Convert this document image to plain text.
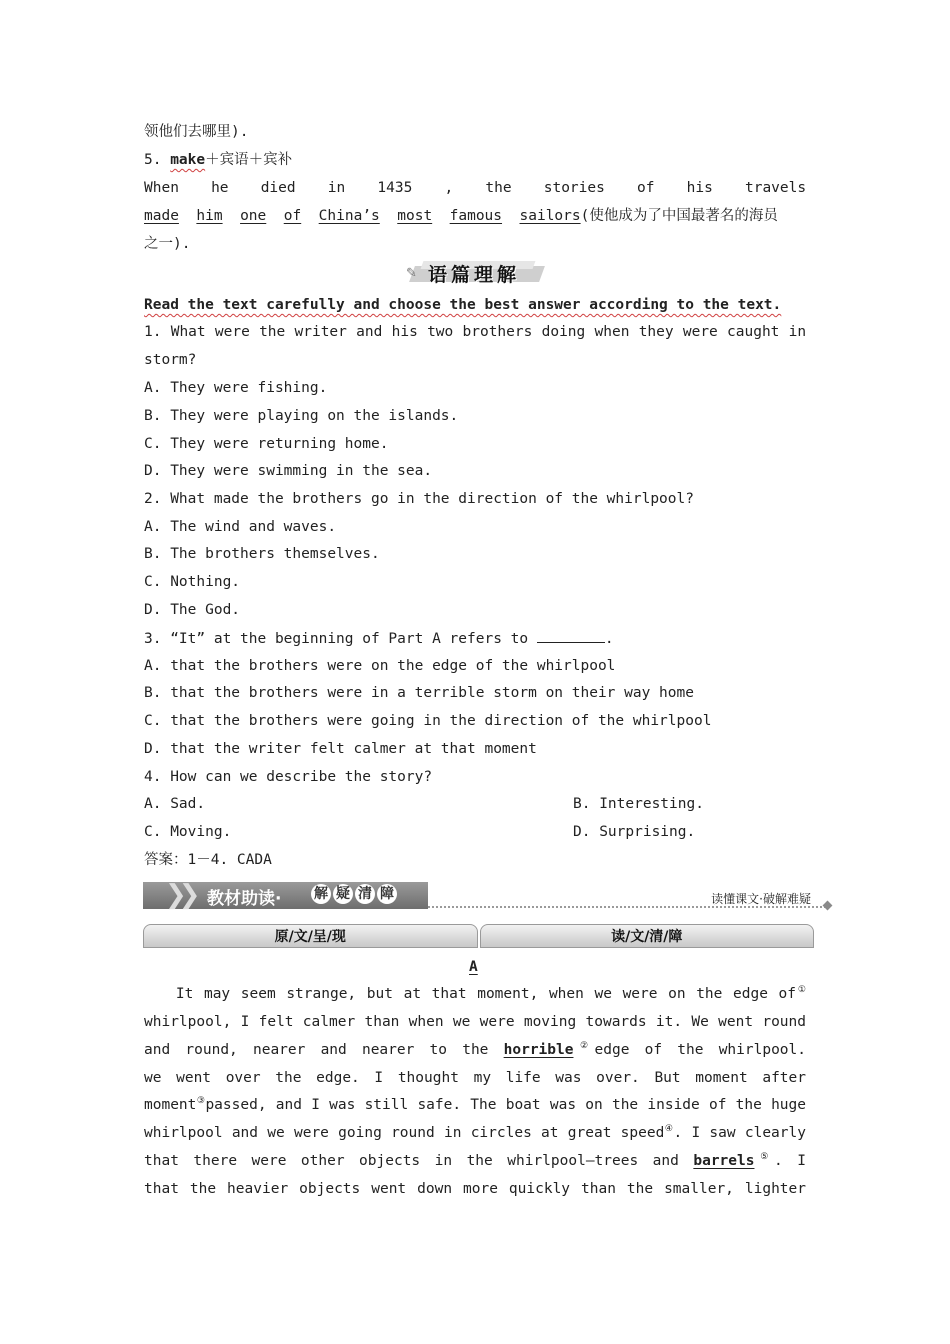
领他们去哪里).
5. make＋宾语＋宾补
When he died in 1435 , the stories of his travels
made him one of China’s most famous sailors(使他成为了中国最著名的海员
之一).
✎ 语篇理解
Read the text carefully and choose the best answer according to the text.
1. What were the writer and his two brothers doing when they were caught in
storm?
A. They were fishing.
B. They were playing on the islands.
C. They were returning home.
D. They were swimming in the sea.
2. What made the brothers go in the direction of the whirlpool?
A. The wind and waves.
B. The brothers themselves.
C. Nothing.
D. The God.
3. “It” at the beginning of Part A refers to	.
A. that the brothers were on the edge of the whirlpool
B. that the brothers were in a terrible storm on their way home
C. that the brothers were going in the direction of the whirlpool
D. that the writer felt calmer at that moment
4. How can we describe the story?
A. Sad.	B. Interesting.
C. Moving.	D. Surprising.
答案：1－4. CADA
❯❯ 教材助读· 解 疑 清 障	读懂课文·破解难疑
原/文/呈/现	读/文/清/障
A
It may seem strange, but at that moment, when we were on the edge of①
whirlpool, I felt calmer than when we were moving towards it. We went round
and round, nearer and nearer to the horrible②edge of the whirlpool.
we went over the edge. I thought my life was over. But moment after
moment③passed, and I was still safe. The boat was on the inside of the huge
whirlpool and we were going round in circles at great speed④. I saw clearly
that there were other objects in the whirlpool—trees and barrels⑤. I
that the heavier objects went down more quickly than the smaller, lighter
